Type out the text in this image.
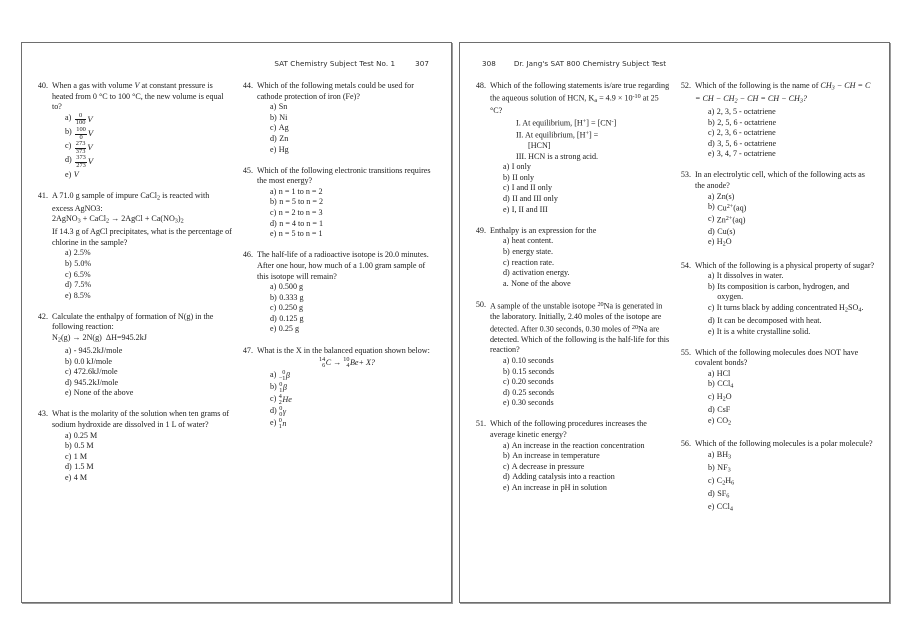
SAT Chemistry Subject Test No. 1	307
40. When a gas with volume V at constant pressure is heated from 0 °C to 100 °C, the new volume is equal to?

$a) \frac{0}{100}$ V
$b) \frac{100}{0}$ V
$c) \frac{273}{373}$ V
$d) \frac{373}{273}$ V
e) V
41. A 71.0 g sample of impure CaCl$_2$ is reacted with excess AgNO3:

2AgNO$_3$ + CaCl$_2$ → 2AgCl + $Ca(NO_3)_2$

If 14.3 g of AgCl precipitates, what is the percentage of chlorine in the sample?

a) 2.5%
b) 5.0%
c) 6.5%
d) 7.5%
e) 8.5%
42. Calculate the enthalpy of formation of N(g) in the following reaction:

$N_2(g) \to 2N(g)$  ΔH=945.2kJ

a) - 945.2kJ/mole
b) 0.0 kJ/mole
c) 472.6kJ/mole
d) 945.2kJ/mole
e) None of the above
43. What is the molarity of the solution when ten grams of sodium hydroxide are dissolved in 1 L of water?

a) 0.25 M
b) 0.5 M
c) 1 M
d) 1.5 M
e) 4 M
44. Which of the following metals could be used for cathode protection of iron (Fe)?

a) Sn
b) Ni
c) Ag
d) Zn
e) Hg
45. Which of the following electronic transitions requires the most energy?

a) n = 1 to n = 2
b) n = 5 to n = 2
c) n = 2 to n = 3
d) n = 4 to n = 1
e) n = 5 to n = 1
46. The half-life of a radioactive isotope is 20.0 minutes. After one hour, how much of a 1.00 gram sample of this isotope will remain?

a) 0.500 g
b) 0.333 g
c) 0.250 g
d) 0.125 g
e) 0.25 g
47. What is the X in the balanced equation shown below:

14
6 C → 10
4 Be+ X?

a) 0
−1 β
b) 0
1 β
c) 4
2 He
d) 0
0 γ
e) 0
1 n
308	Dr. Jang's SAT 800 Chemistry Subject Test
48. Which of the following statements is/are true regarding the aqueous solution of HCN, $K_a = 4.9 \times 10^{-10}$ at 25 °C?

I. At equilibrium, [H+] = [CN-]
II. At equilibrium, [H+] =
[HCN]
III. HCN is a strong acid.
a) I only
b) II only
c) I and II only
d) II and III only
e) I, II and III
49. Enthalpy is an expression for the

a) heat content.
b) energy state.
c) reaction rate.
d) activation energy.
a. None of the above
50. A sample of the unstable isotope $^{20}$Na is generated in the laboratory. Initially, 2.40 moles of the isotope are detected. After 0.30 seconds, 0.30 moles of $^{20}$Na are detected. Which of the following is the half-life for this reaction?

a) 0.10 seconds
b) 0.15 seconds
c) 0.20 seconds
d) 0.25 seconds
e) 0.30 seconds
51. Which of the following procedures increases the average kinetic energy?

a) An increase in the reaction concentration
b) An increase in temperature
c) A decrease in pressure
d) Adding catalysis into a reaction
e) An increase in pH in solution
52. Which of the following is the name of $CH_3$ − CH = C = CH − $CH_2$ − CH = CH − $CH_3$?

a) 2, 3, 5 - octatriene
b) 2, 5, 6 - octatriene
c) 2, 3, 6 - octatriene
d) 3, 5, 6 - octatriene
e) 3, 4, 7 - octatriene
53. In an electrolytic cell, which of the following acts as the anode?

a) Zn(s)
b) $Cu^{2+}(aq)$
c) $Zn^{2+}(aq)$
d) Cu(s)
e) $H_2O$
54. Which of the following is a physical property of sugar?

a) It dissolves in water.
b) Its composition is carbon, hydrogen, and oxygen.
c) It turns black by adding concentrated $H_2SO_4$.
d) It can be decomposed with heat.
e) It is a white crystalline solid.
55. Which of the following molecules does NOT have covalent bonds?

a) HCl
b) CCl$_4$
c) $H_2O$
d) CsF
e) $CO_2$
56. Which of the following molecules is a polar molecule?

a) $BH_3$
b) $NF_3$
c) $C_2H_6$
d) $SF_6$
e) CCl$_4$
